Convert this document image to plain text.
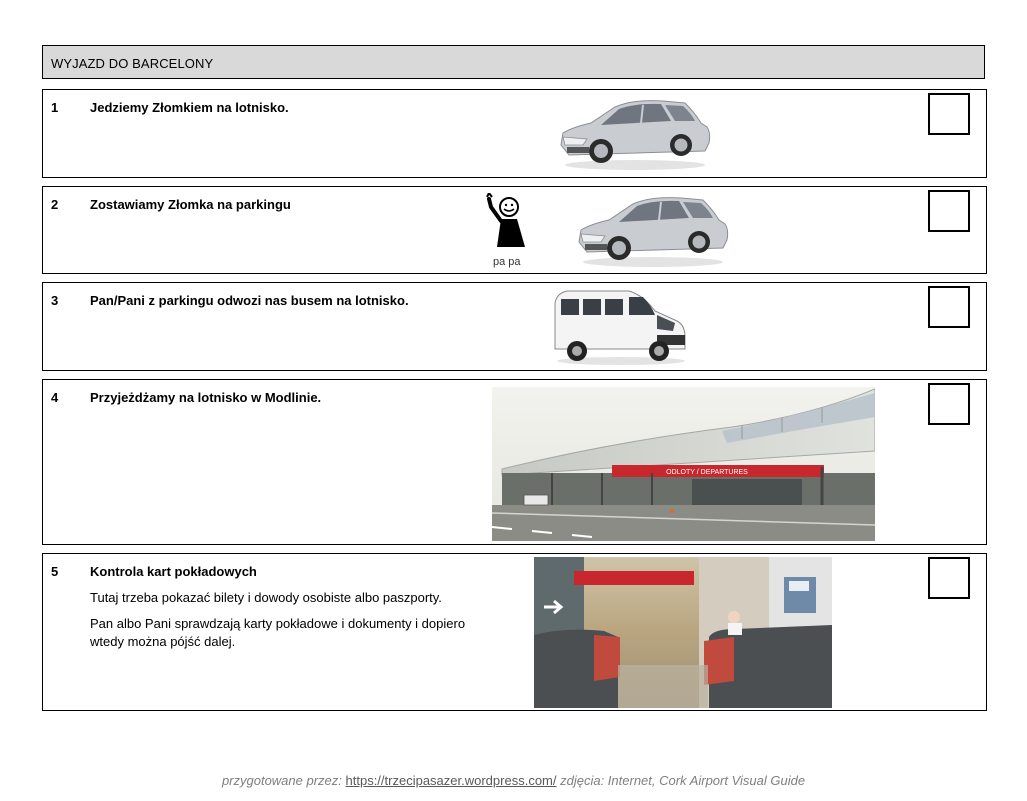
WYJAZD DO BARCELONY
1 Jedziemy Złomkiem na lotnisko.
2 Zostawiamy Złomka na parkingu
pa pa
3 Pan/Pani z parkingu odwozi nas busem na lotnisko.
4 Przyjeżdżamy na lotnisko w Modlinie.
ODLOTY / DEPARTURES
5 Kontrola kart pokładowych
Tutaj trzeba pokazać bilety i dowody osobiste albo paszporty.
Pan albo Pani sprawdzają karty pokładowe i dokumenty i dopiero wtedy można pójść dalej.
przygotowane przez: https://trzecipasazer.wordpress.com/ zdjęcia: Internet, Cork Airport Visual Guide
